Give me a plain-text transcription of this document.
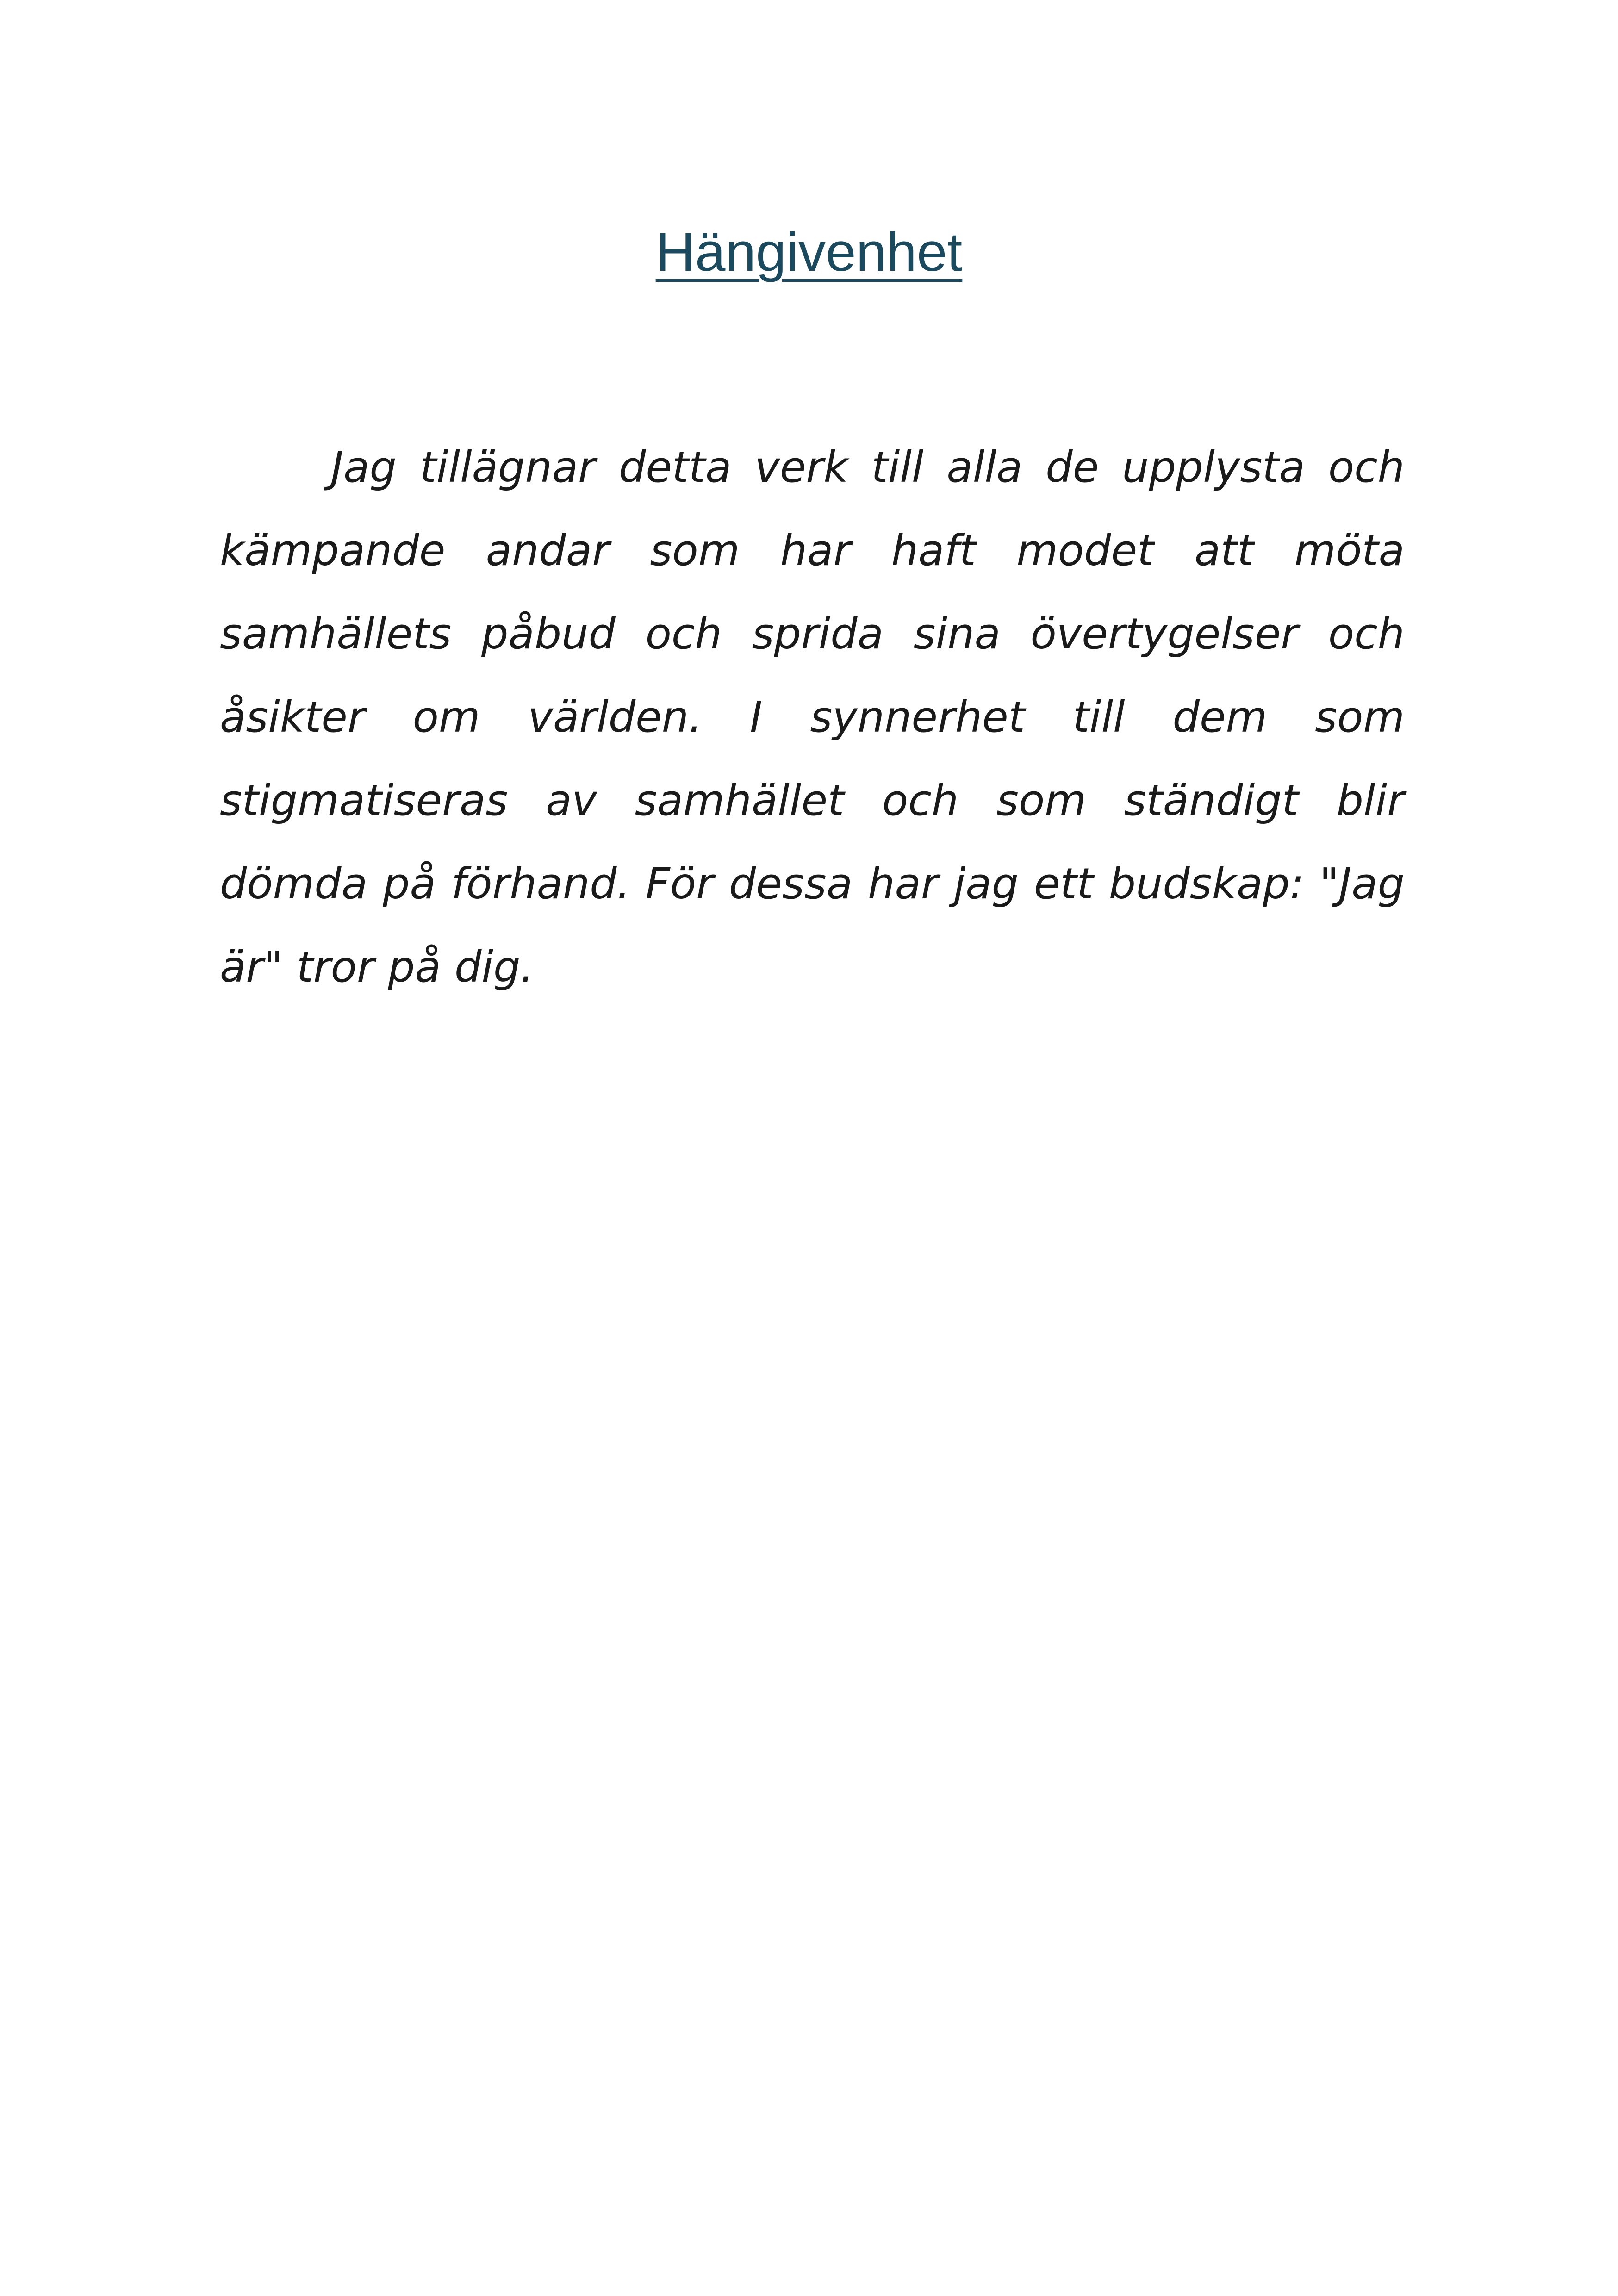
Hängivenhet

Jag tillägnar detta verk till alla de upplysta och kämpande andar som har haft modet att möta samhällets påbud och sprida sina övertygelser och åsikter om världen. I synnerhet till dem som stigmatiseras av samhället och som ständigt blir dömda på förhand. För dessa har jag ett budskap: "Jag är" tror på dig.
